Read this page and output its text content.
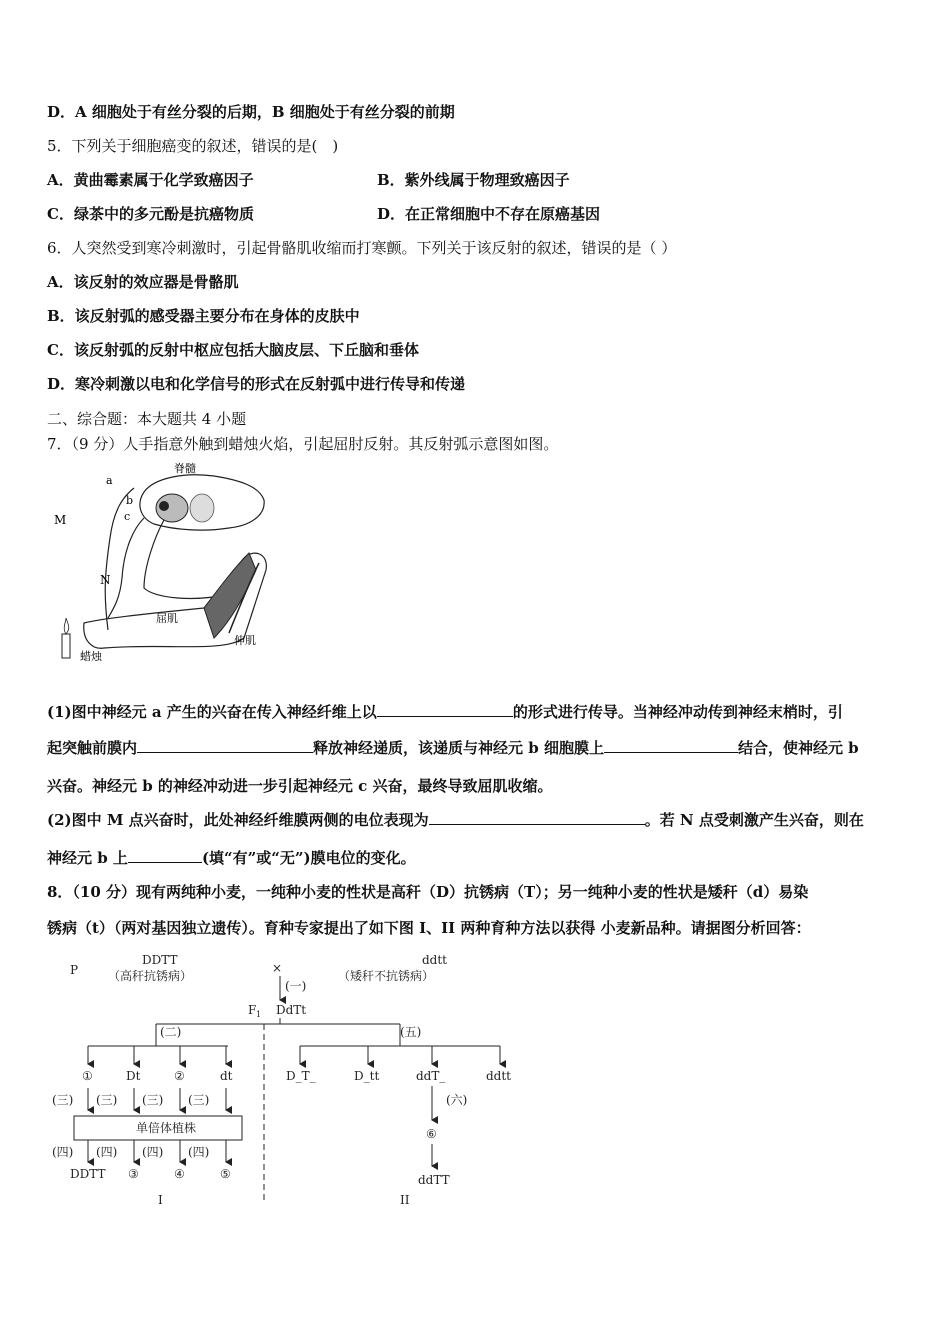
D．A 细胞处于有丝分裂的后期，B 细胞处于有丝分裂的前期
5．下列关于细胞癌变的叙述，错误的是(　)
A．黄曲霉素属于化学致癌因子	B．紫外线属于物理致癌因子
C．绿茶中的多元酚是抗癌物质	D．在正常细胞中不存在原癌基因
6．人突然受到寒冷刺激时，引起骨骼肌收缩而打寒颤。下列关于该反射的叙述，错误的是（ ）
A．该反射的效应器是骨骼肌
B．该反射弧的感受器主要分布在身体的皮肤中
C．该反射弧的反射中枢应包括大脑皮层、下丘脑和垂体
D．寒冷刺激以电和化学信号的形式在反射弧中进行传导和传递
二、综合题：本大题共 4 小题
7．（9 分）人手指意外触到蜡烛火焰，引起屈肘反射。其反射弧示意图如图。
脊髓
a
b
c
M
N
屈肌
伸肌
蜡烛
(1)图中神经元 a 产生的兴奋在传入神经纤维上以	的形式进行传导。当神经冲动传到神经末梢时，引
起突触前膜内	释放神经递质，该递质与神经元 b 细胞膜上	结合，使神经元 b
兴奋。神经元 b 的神经冲动进一步引起神经元 c 兴奋，最终导致屈肌收缩。
(2)图中 M 点兴奋时，此处神经纤维膜两侧的电位表现为	。若 N 点受刺激产生兴奋，则在
神经元 b 上	(填“有”或“无”)膜电位的变化。
8．（10 分）现有两纯种小麦，一纯种小麦的性状是高秆（D）抗锈病（T）；另一纯种小麦的性状是矮秆（d）易染
锈病（t）（两对基因独立遗传）。育种专家提出了如下图 I、II 两种育种方法以获得 小麦新品种。请据图分析回答：
P
DDTT
（高秆抗锈病）
×
ddtt
（矮秆不抗锈病）
(一)
F 1 DdTt
(二)	(五)
①	Dt	②	dt	D_T_	D_tt	ddT_	ddtt
(三) (三) (三) (三)
单倍体植株
(四) (四) (四) (四)
DDTT ③	④	⑤
(六)
⑥
ddTT
I	II
